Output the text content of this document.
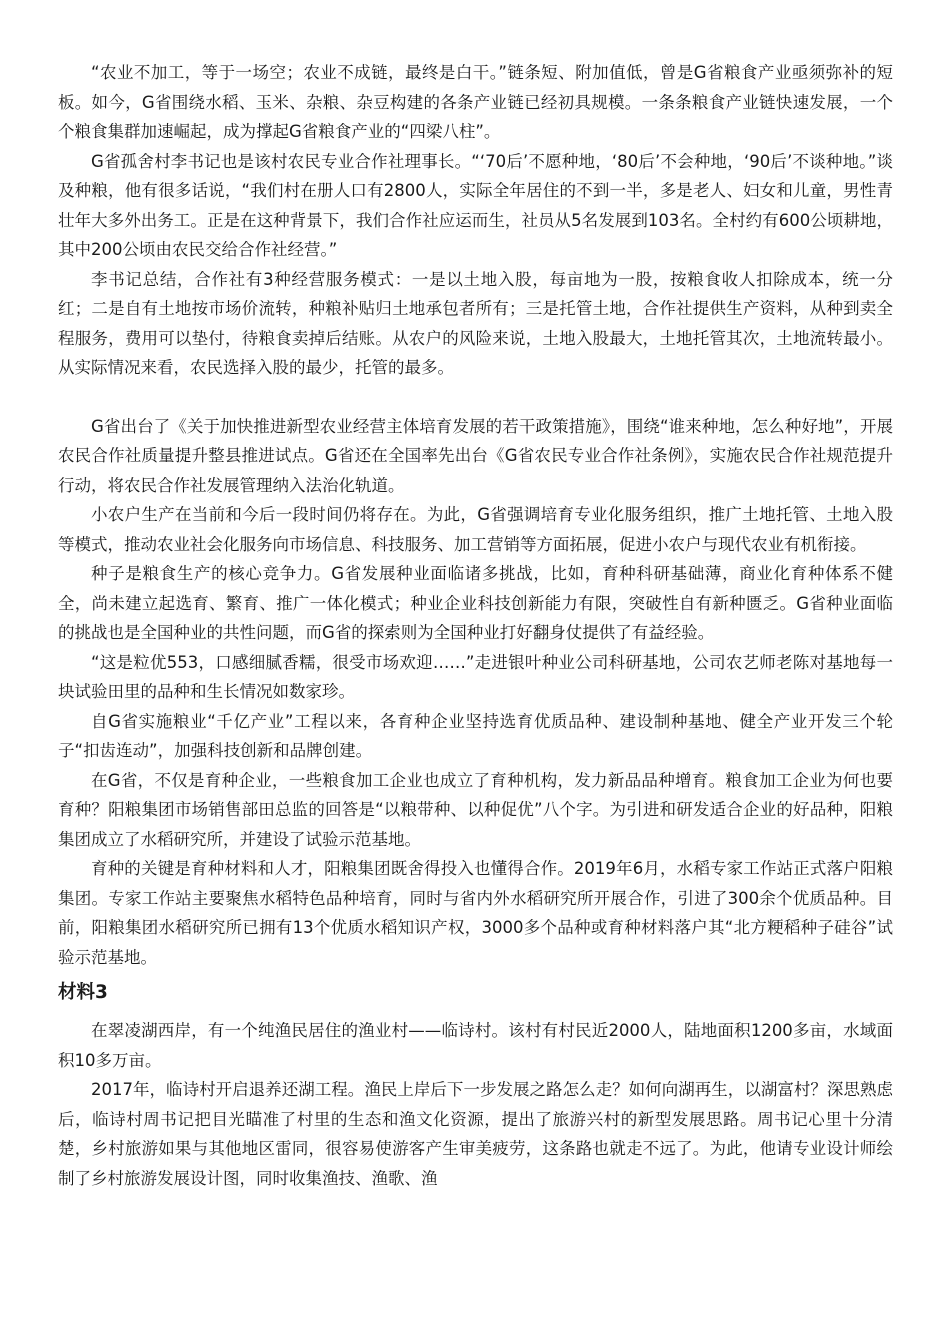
“农业不加工，等于一场空；农业不成链，最终是白干。”链条短、附加值低，曾是G省粮食产业亟须弥补的短板。如今，G省围绕水稻、玉米、杂粮、杂豆构建的各条产业链已经初具规模。一条条粮食产业链快速发展，一个个粮食集群加速崛起，成为撑起G省粮食产业的“四梁八柱”。

G省孤舍村李书记也是该村农民专业合作社理事长。“‘70后’不愿种地，‘80后’不会种地，‘90后’不谈种地。”谈及种粮，他有很多话说，“我们村在册人口有2800人，实际全年居住的不到一半，多是老人、妇女和儿童，男性青壮年大多外出务工。正是在这种背景下，我们合作社应运而生，社员从5名发展到103名。全村约有600公顷耕地，其中200公顷由农民交给合作社经营。”

李书记总结，合作社有3种经营服务模式：一是以土地入股，每亩地为一股，按粮食收人扣除成本，统一分红；二是自有土地按市场价流转，种粮补贴归土地承包者所有；三是托管土地，合作社提供生产资料，从种到卖全程服务，费用可以垫付，待粮食卖掉后结账。从农户的风险来说，土地入股最大，土地托管其次，土地流转最小。从实际情况来看，农民选择入股的最少，托管的最多。

G省出台了《关于加快推进新型农业经营主体培育发展的若干政策措施》，围绕“谁来种地，怎么种好地”，开展农民合作社质量提升整县推进试点。G省还在全国率先出台《G省农民专业合作社条例》，实施农民合作社规范提升行动，将农民合作社发展管理纳入法治化轨道。

小农户生产在当前和今后一段时间仍将存在。为此，G省强调培育专业化服务组织，推广土地托管、土地入股等模式，推动农业社会化服务向市场信息、科技服务、加工营销等方面拓展，促进小农户与现代农业有机衔接。

种子是粮食生产的核心竞争力。G省发展种业面临诸多挑战，比如，育种科研基础薄，商业化育种体系不健全，尚未建立起选育、繁育、推广一体化模式；种业企业科技创新能力有限，突破性自有新种匮乏。G省种业面临的挑战也是全国种业的共性问题，而G省的探索则为全国种业打好翻身仗提供了有益经验。

“这是粒优553，口感细腻香糯，很受市场欢迎……”走进银叶种业公司科研基地，公司农艺师老陈对基地每一块试验田里的品种和生长情况如数家珍。

自G省实施粮业“千亿产业”工程以来，各育种企业坚持选育优质品种、建设制种基地、健全产业开发三个轮子“扣齿连动”，加强科技创新和品牌创建。

在G省，不仅是育种企业，一些粮食加工企业也成立了育种机构，发力新品品种增育。粮食加工企业为何也要育种？阳粮集团市场销售部田总监的回答是“以粮带种、以种促优”八个字。为引进和研发适合企业的好品种，阳粮集团成立了水稻研究所，并建设了试验示范基地。

育种的关键是育种材料和人才，阳粮集团既舍得投入也懂得合作。2019年6月，水稻专家工作站正式落户阳粮集团。专家工作站主要聚焦水稻特色品种培育，同时与省内外水稻研究所开展合作，引进了300余个优质品种。目前，阳粮集团水稻研究所已拥有13个优质水稻知识产权，3000多个品种或育种材料落户其“北方粳稻种子硅谷”试验示范基地。

材料3

在翠凌湖西岸，有一个纯渔民居住的渔业村——临诗村。该村有村民近2000人，陆地面积1200多亩，水域面积10多万亩。

2017年，临诗村开启退养还湖工程。渔民上岸后下一步发展之路怎么走？如何向湖再生，以湖富村？深思熟虑后，临诗村周书记把目光瞄准了村里的生态和渔文化资源，提出了旅游兴村的新型发展思路。周书记心里十分清楚，乡村旅游如果与其他地区雷同，很容易使游客产生审美疲劳，这条路也就走不远了。为此，他请专业设计师绘制了乡村旅游发展设计图，同时收集渔技、渔歌、渔
